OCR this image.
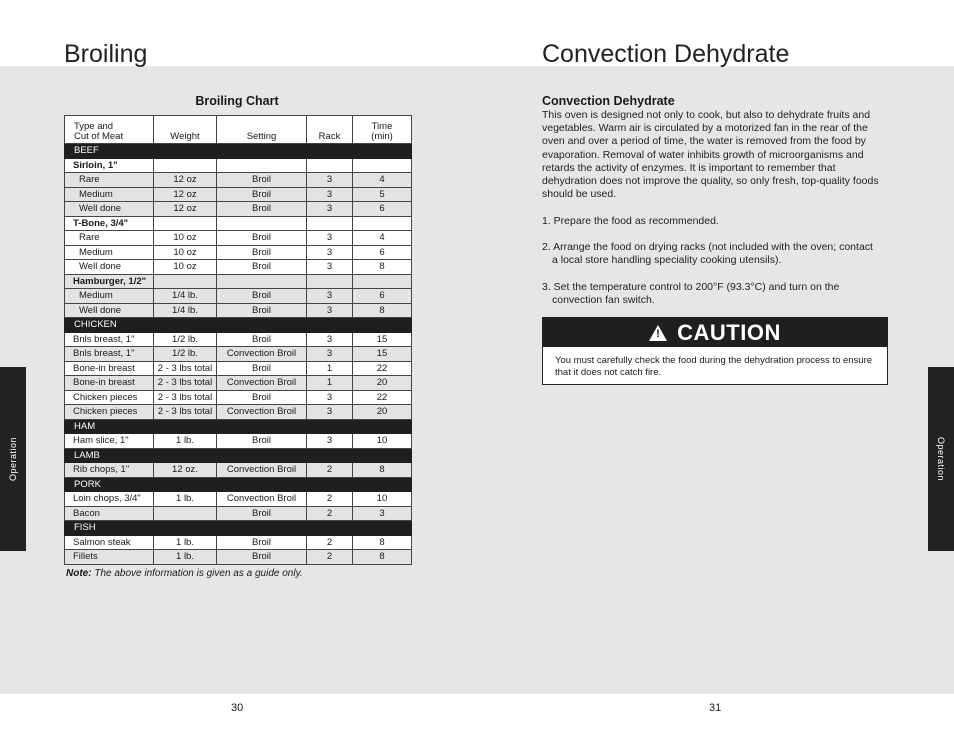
Broiling
Operation
Broiling Chart
Type and
Cut of Meat	Weight	Setting	Rack	Time
(min)
BEEF				
Sirloin, 1"				
Rare	12 oz	Broil	3	4
Medium	12 oz	Broil	3	5
Well done	12 oz	Broil	3	6
T-Bone, 3/4"				
Rare	10 oz	Broil	3	4
Medium	10 oz	Broil	3	6
Well done	10 oz	Broil	3	8
Hamburger, 1/2"				
Medium	1/4 lb.	Broil	3	6
Well done	1/4 lb.	Broil	3	8
CHICKEN				
Bnls breast, 1"	1/2 lb.	Broil	3	15
Bnls breast, 1"	1/2 lb.	Convection Broil	3	15
Bone-in breast	2 - 3 lbs total	Broil	1	22
Bone-in breast	2 - 3 lbs total	Convection Broil	1	20
Chicken pieces	2 - 3 lbs total	Broil	3	22
Chicken pieces	2 - 3 lbs total	Convection Broil	3	20
HAM				
Ham slice, 1"	1 lb.	Broil	3	10
LAMB				
Rib chops, 1"	12 oz.	Convection Broil	2	8
PORK				
Loin chops, 3/4"	1 lb.	Convection Broil	2	10
Bacon		Broil	2	3
FISH				
Salmon steak	1 lb.	Broil	2	8
Fillets	1 lb.	Broil	2	8
Note: The above information is given as a guide only.
30
Convection Dehydrate
Operation
Convection Dehydrate
This oven is designed not only to cook, but also to dehydrate fruits and vegetables. Warm air is circulated by a motorized fan in the rear of the oven and over a period of time, the water is removed from the food by evaporation. Removal of water inhibits growth of microorganisms and retards the activity of enzymes. It is important to remember that dehydration does not improve the quality, so only fresh, top-quality foods should be used.
1. Prepare the food as recommended.
2. Arrange the food on drying racks (not included with the oven; contact a local store handling speciality cooking utensils).
3. Set the temperature control to 200°F (93.3°C) and turn on the convection fan switch.
! CAUTION
You must carefully check the food during the dehydration process to ensure that it does not catch fire.
31
